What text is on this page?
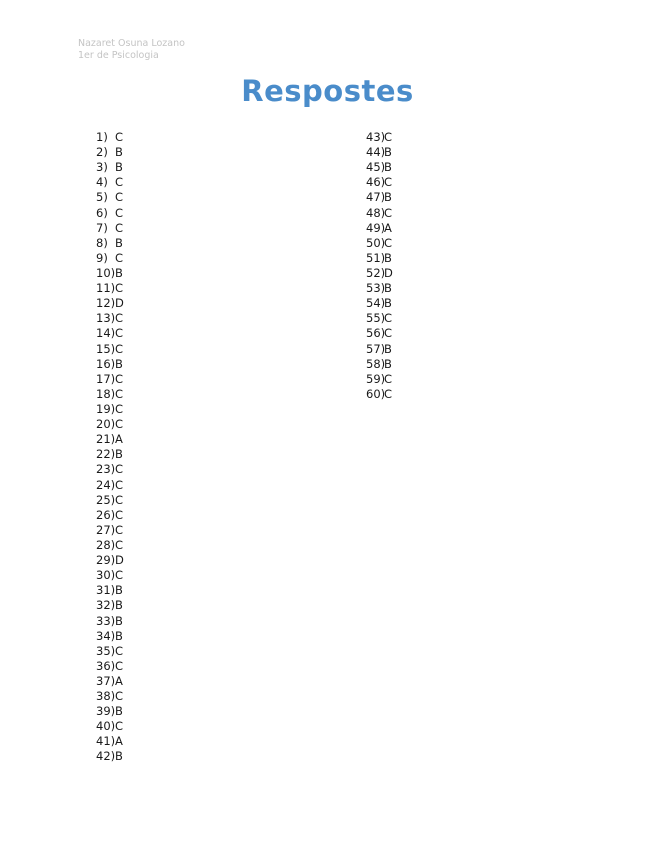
Nazaret Osuna Lozano
1er de Psicologia
Respostes
1) C
2) B
3) B
4) C
5) C
6) C
7) C
8) B
9) C
10) B
11) C
12) D
13) C
14) C
15) C
16) B
17) C
18) C
19) C
20) C
21) A
22) B
23) C
24) C
25) C
26) C
27) C
28) C
29) D
30) C
31) B
32) B
33) B
34) B
35) C
36) C
37) A
38) C
39) B
40) C
41) A
42) B
43)
C
44)
B
45)
B
46)
C
47)
B
48)
C
49)
A
50)
C
51)
B
52)
D
53)
B
54)
B
55)
C
56)
C
57)
B
58)
B
59)
C
60)
C
